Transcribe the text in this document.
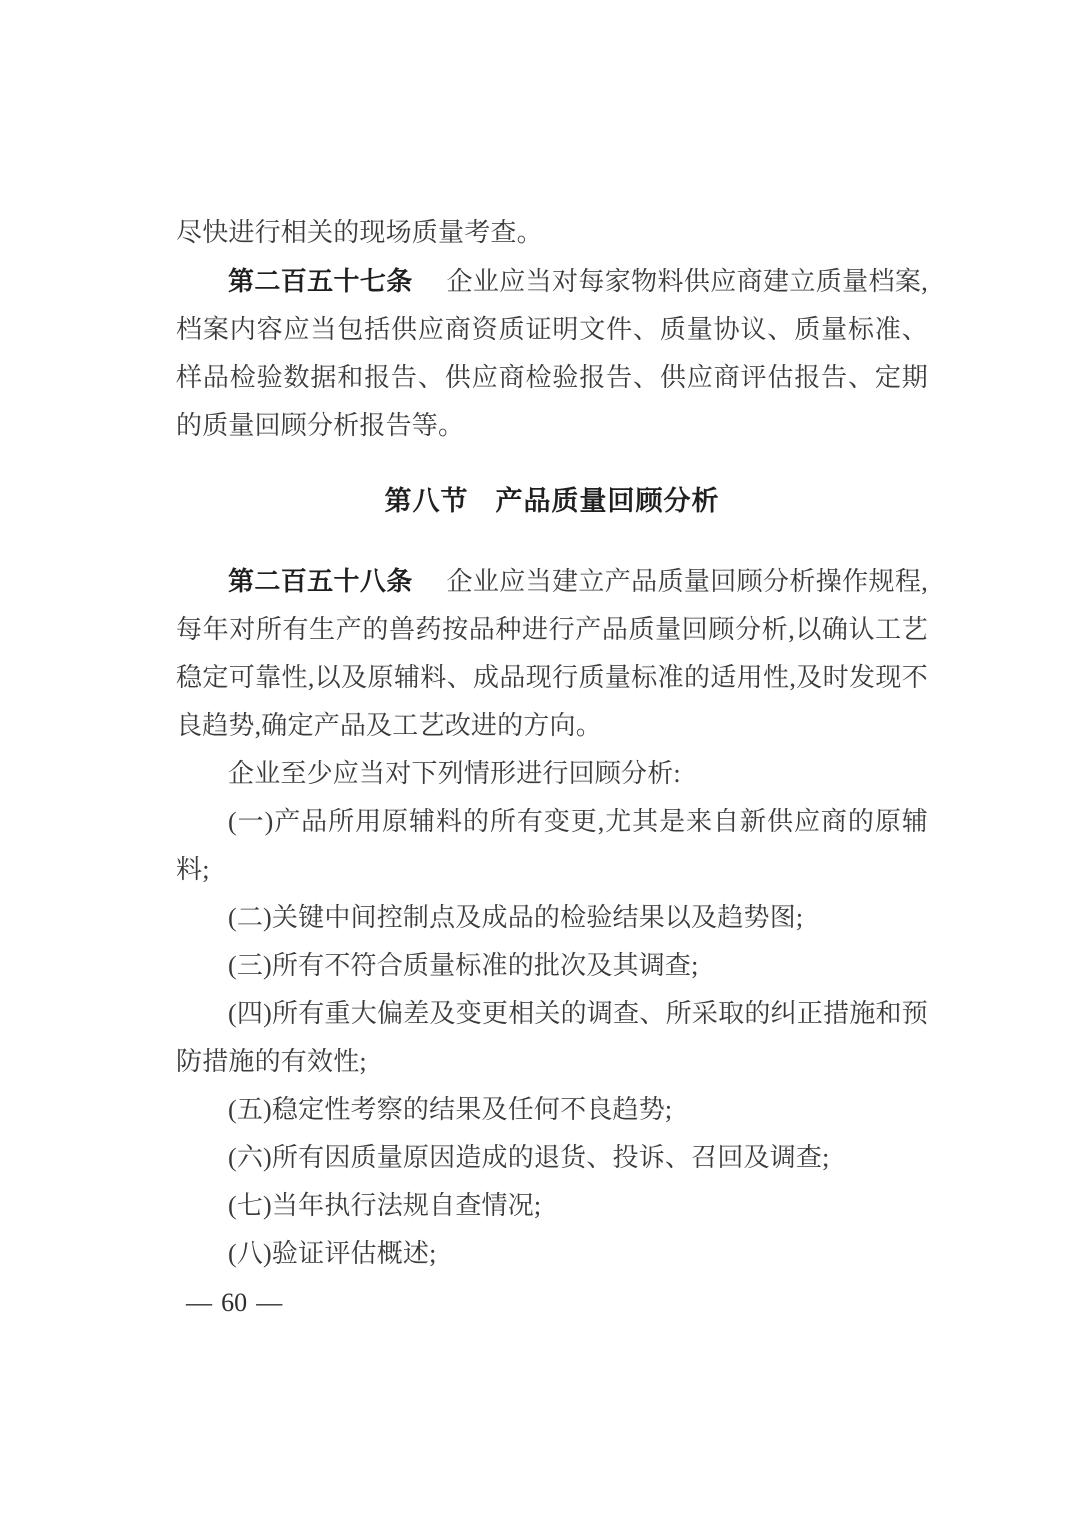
尽快进行相关的现场质量考查。

第二百五十七条 企业应当对每家物料供应商建立质量档案,档案内容应当包括供应商资质证明文件、质量协议、质量标准、样品检验数据和报告、供应商检验报告、供应商评估报告、定期的质量回顾分析报告等。

第八节 产品质量回顾分析

第二百五十八条 企业应当建立产品质量回顾分析操作规程,每年对所有生产的兽药按品种进行产品质量回顾分析,以确认工艺稳定可靠性,以及原辅料、成品现行质量标准的适用性,及时发现不良趋势,确定产品及工艺改进的方向。

企业至少应当对下列情形进行回顾分析:

(一)产品所用原辅料的所有变更,尤其是来自新供应商的原辅料;

(二)关键中间控制点及成品的检验结果以及趋势图;

(三)所有不符合质量标准的批次及其调查;

(四)所有重大偏差及变更相关的调查、所采取的纠正措施和预防措施的有效性;

(五)稳定性考察的结果及任何不良趋势;

(六)所有因质量原因造成的退货、投诉、召回及调查;

(七)当年执行法规自查情况;

(八)验证评估概述;

— 60 —
